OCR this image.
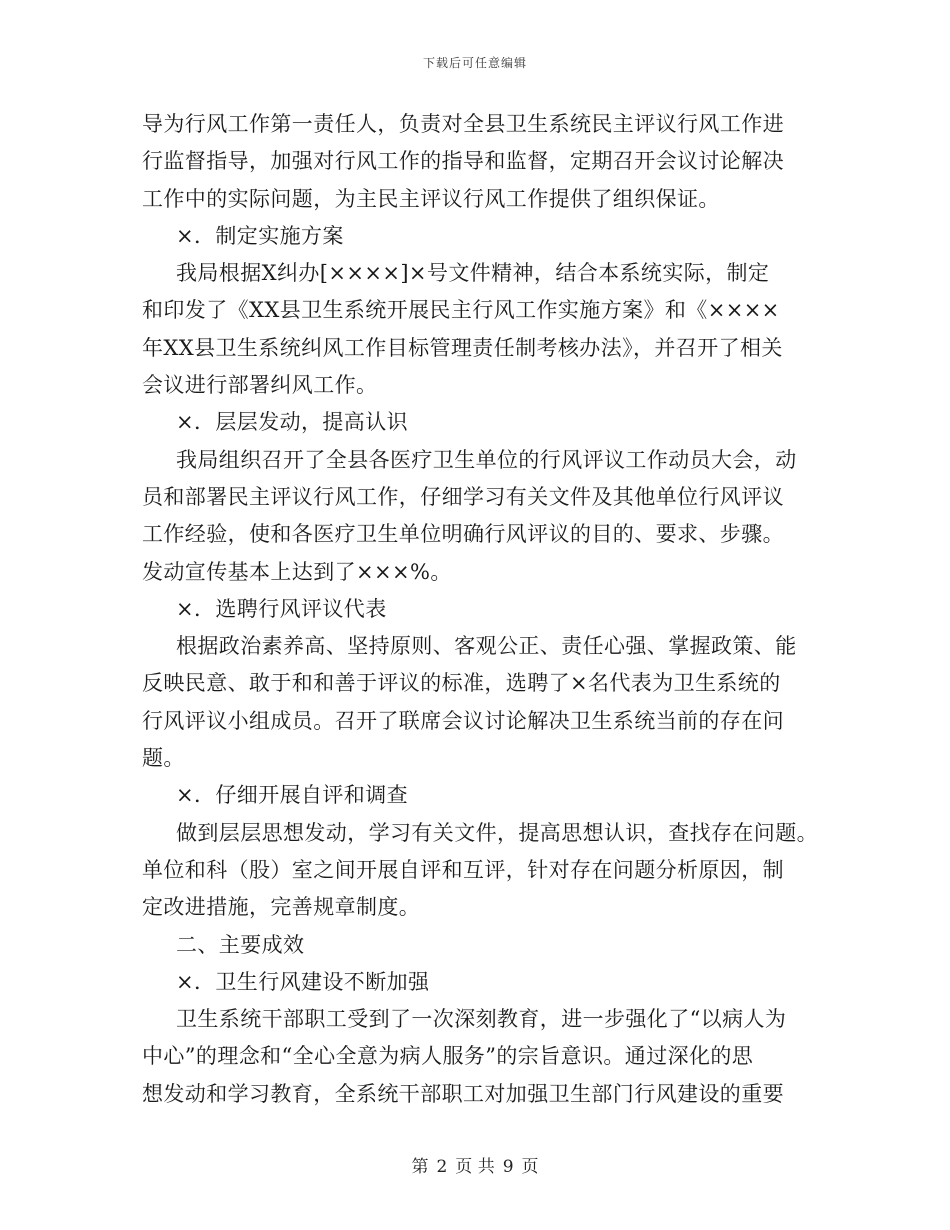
下载后可任意编辑
导为行风工作第一责任人，负责对全县卫生系统民主评议行风工作进
行监督指导，加强对行风工作的指导和监督，定期召开会议讨论解决
工作中的实际问题，为主民主评议行风工作提供了组织保证。
×．制定实施方案
我局根据X纠办[××××]×号文件精神，结合本系统实际，制定
和印发了《XX县卫生系统开展民主行风工作实施方案》和《××××
年XX县卫生系统纠风工作目标管理责任制考核办法》，并召开了相关
会议进行部署纠风工作。
×．层层发动，提高认识
我局组织召开了全县各医疗卫生单位的行风评议工作动员大会，动
员和部署民主评议行风工作，仔细学习有关文件及其他单位行风评议
工作经验，使和各医疗卫生单位明确行风评议的目的、要求、步骤。
发动宣传基本上达到了×××%。
×．选聘行风评议代表
根据政治素养高、坚持原则、客观公正、责任心强、掌握政策、能
反映民意、敢于和和善于评议的标准，选聘了×名代表为卫生系统的
行风评议小组成员。召开了联席会议讨论解决卫生系统当前的存在问
题。
×．仔细开展自评和调查
做到层层思想发动，学习有关文件，提高思想认识，查找存在问题。
单位和科（股）室之间开展自评和互评，针对存在问题分析原因，制
定改进措施，完善规章制度。
二、主要成效
×．卫生行风建设不断加强
卫生系统干部职工受到了一次深刻教育，进一步强化了“以病人为
中心”的理念和“全心全意为病人服务”的宗旨意识。通过深化的思
想发动和学习教育，全系统干部职工对加强卫生部门行风建设的重要
第 2 页 共 9 页
